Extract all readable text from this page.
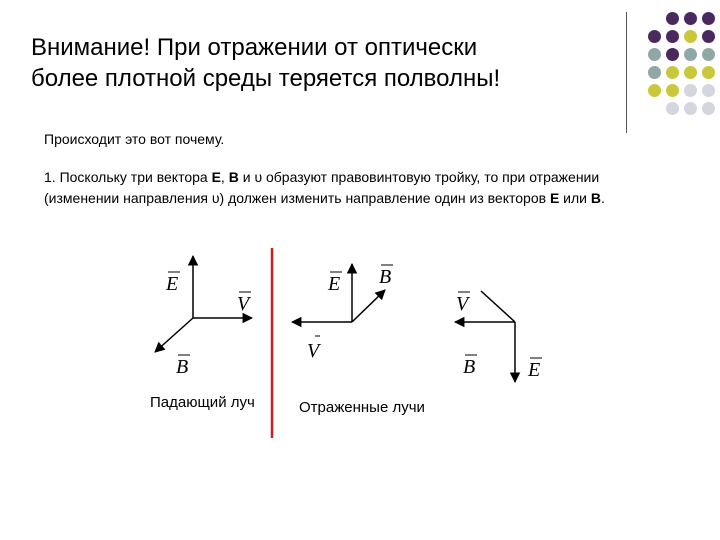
Внимание! При отражении от оптически
более плотной среды теряется полволны!
Происходит это вот почему.
1. Поскольку три вектора E, B и υ образуют правовинтовую тройку, то при отражении (изменении направления υ) должен изменить направление один из векторов E или B.
E
V
B
E B
V
V
B	E
Падающий луч	Отраженные лучи
